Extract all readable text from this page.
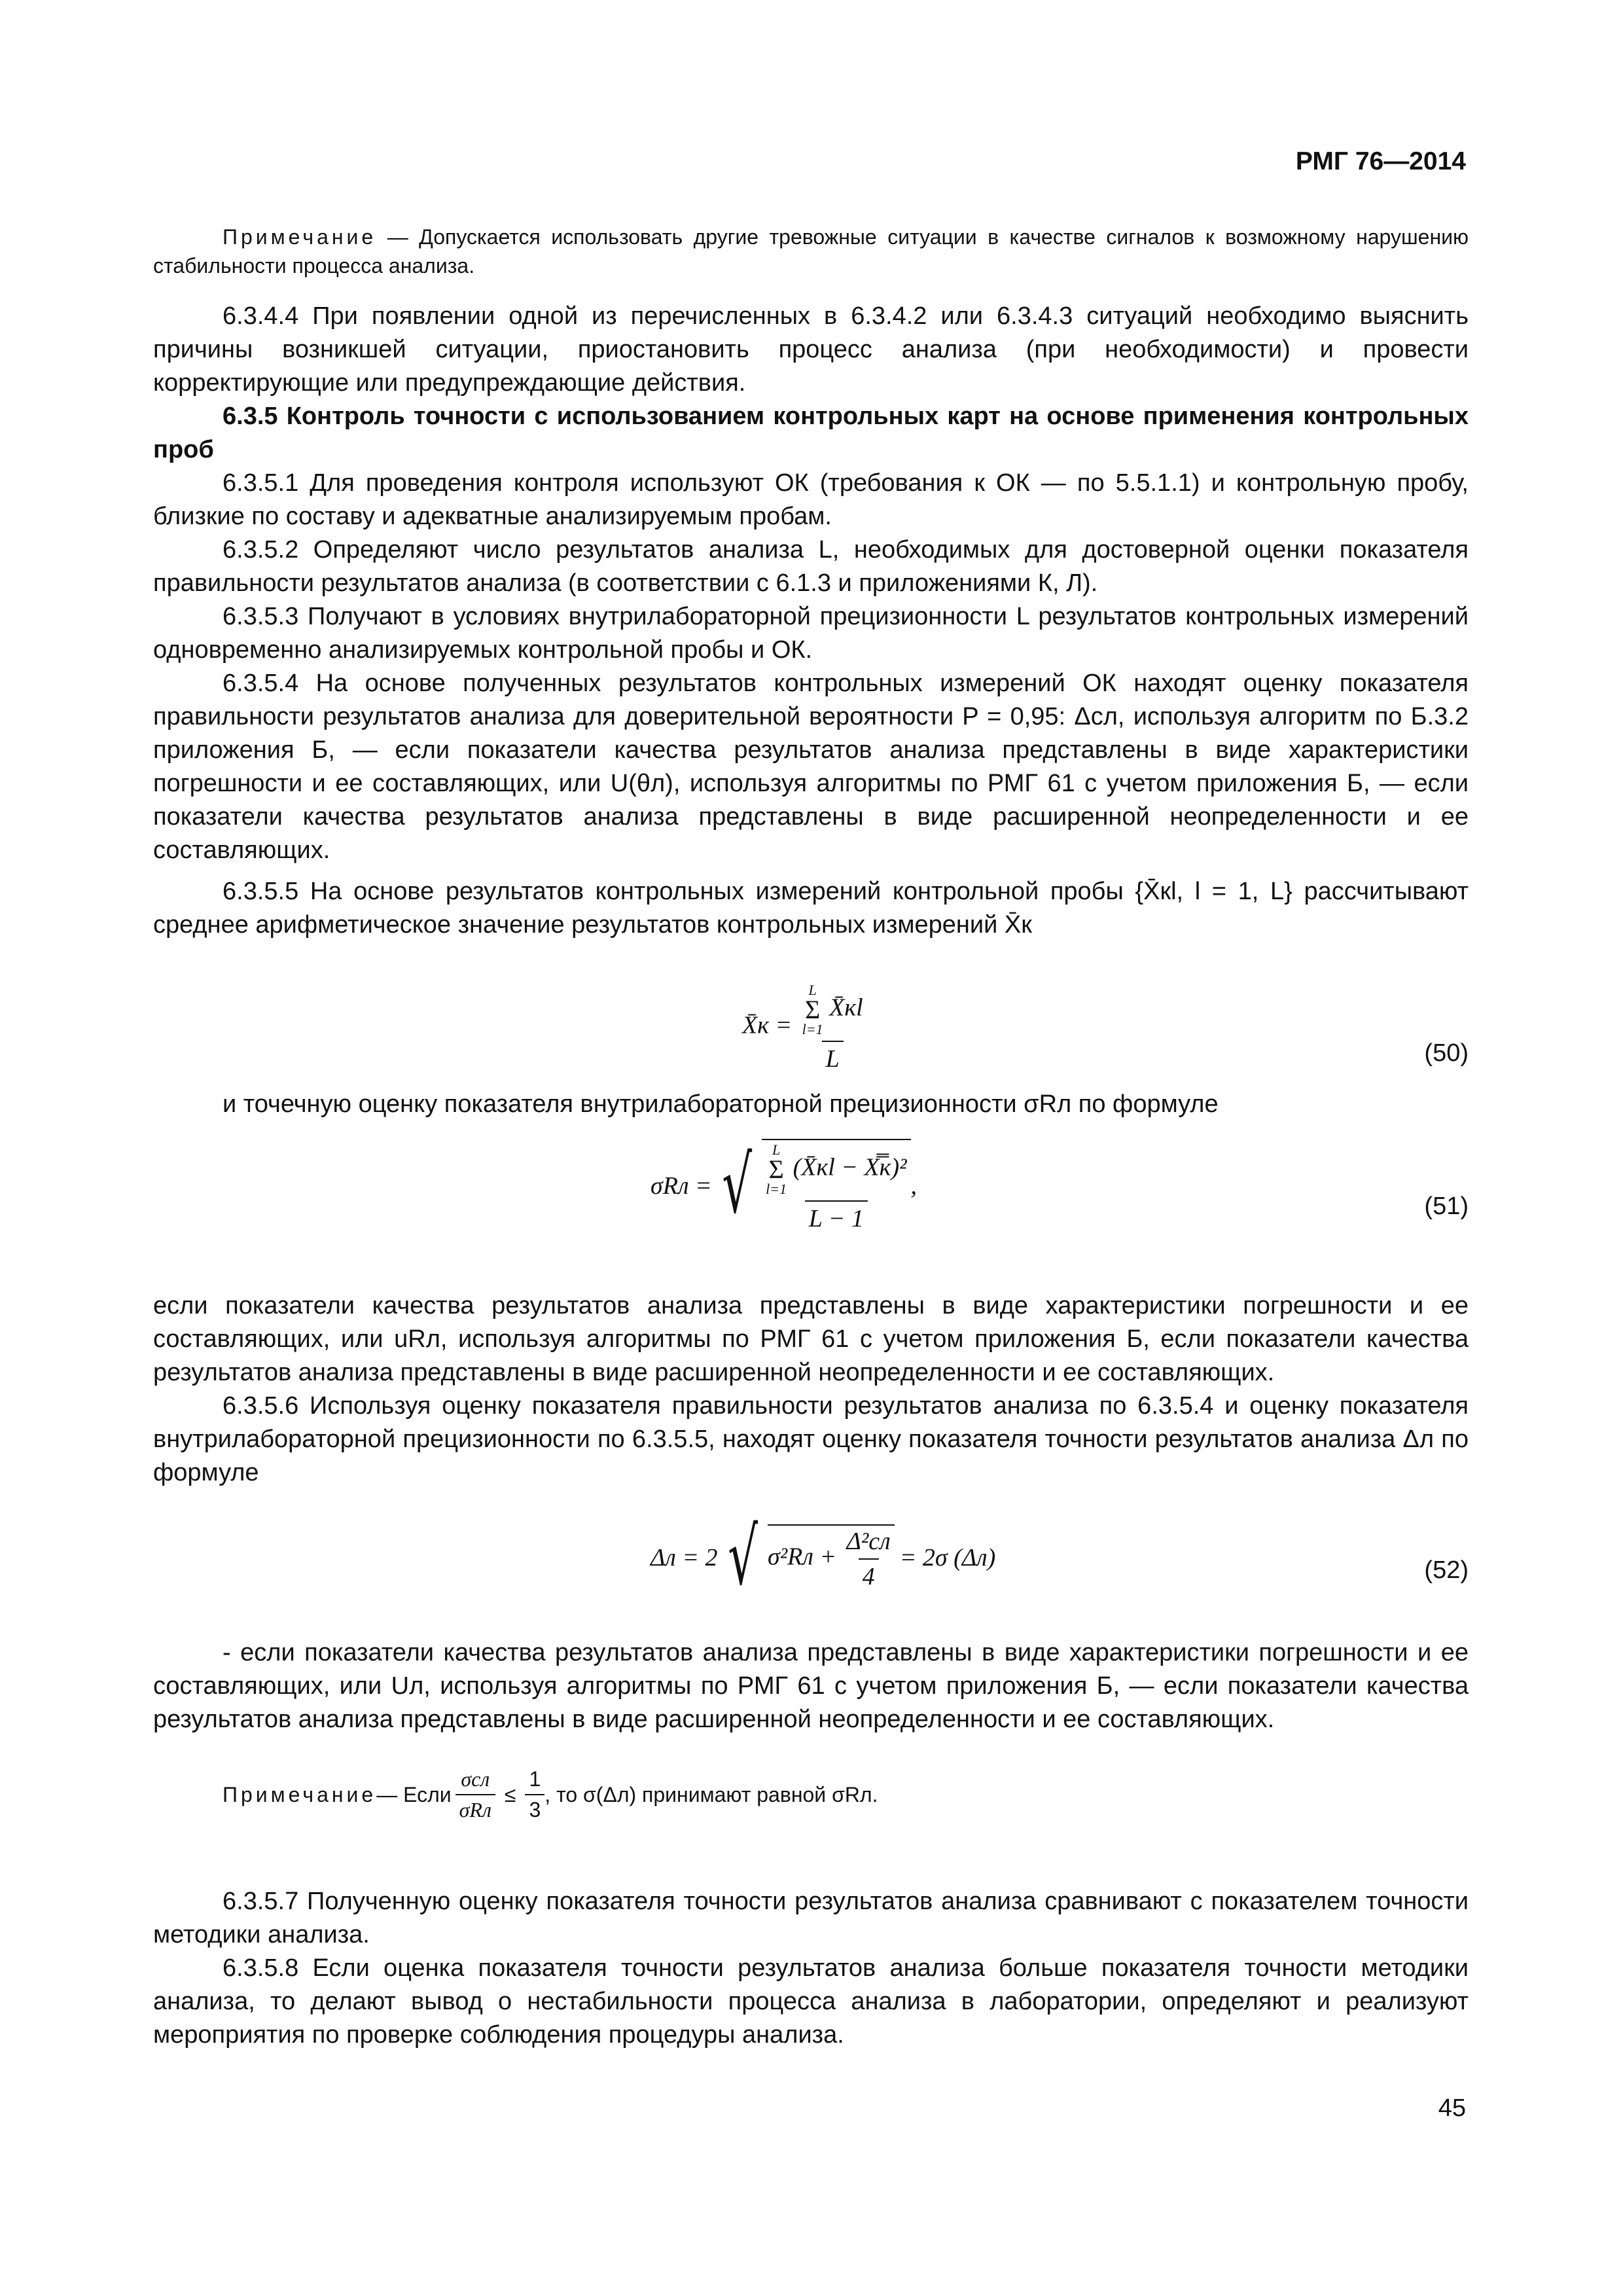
РМГ 76—2014

Примечание — Допускается использовать другие тревожные ситуации в качестве сигналов к возможному нарушению стабильности процесса анализа.

6.3.4.4 При появлении одной из перечисленных в 6.3.4.2 или 6.3.4.3 ситуаций необходимо выяснить причины возникшей ситуации, приостановить процесс анализа (при необходимости) и провести корректирующие или предупреждающие действия.

6.3.5 Контроль точности с использованием контрольных карт на основе применения контрольных проб

6.3.5.1 Для проведения контроля используют ОК (требования к ОК — по 5.5.1.1) и контрольную пробу, близкие по составу и адекватные анализируемым пробам.

6.3.5.2 Определяют число результатов анализа L, необходимых для достоверной оценки показателя правильности результатов анализа (в соответствии с 6.1.3 и приложениями К, Л).

6.3.5.3 Получают в условиях внутрилабораторной прецизионности L результатов контрольных измерений одновременно анализируемых контрольной пробы и ОК.

6.3.5.4 На основе полученных результатов контрольных измерений ОК находят оценку показателя правильности результатов анализа для доверительной вероятности P = 0,95: Δсл, используя алгоритм по Б.3.2 приложения Б, — если показатели качества результатов анализа представлены в виде характеристики погрешности и ее составляющих, или U(θл), используя алгоритмы по РМГ 61 с учетом приложения Б, — если показатели качества результатов анализа представлены в виде расширенной неопределенности и ее составляющих.

6.3.5.5 На основе результатов контрольных измерений контрольной пробы {X̄кl, l = 1, L} рассчитывают среднее арифметическое значение результатов контрольных измерений X̄к

X̄к = L
Σ
l=1
X̄кl
L	(50)

и точечную оценку показателя внутрилабораторной прецизионности σRл по формуле

σRл = √ L
Σ
l=1
(X̄кl − X̿к)²
L − 1
,
(51)

если показатели качества результатов анализа представлены в виде характеристики погрешности и ее составляющих, или uRл, используя алгоритмы по РМГ 61 с учетом приложения Б, если показатели качества результатов анализа представлены в виде расширенной неопределенности и ее составляющих.

6.3.5.6 Используя оценку показателя правильности результатов анализа по 6.3.5.4 и оценку показателя внутрилабораторной прецизионности по 6.3.5.5, находят оценку показателя точности результатов анализа Δл по формуле

Δл = 2 √ $\sigma^2Rл + \frac{\text{Δ²сл}}{4} = 2\sigma$ (Δл)	(52)

- если показатели качества результатов анализа представлены в виде характеристики погрешности и ее составляющих, или Uл, используя алгоритмы по РМГ 61 с учетом приложения Б, — если показатели качества результатов анализа представлены в виде расширенной неопределенности и ее составляющих.

Примечание — Если $\frac{\text{σсл}}{\text{σRл}} \le \frac{1}{3}$ , то σ(Δл) принимают равной σRл.

6.3.5.7 Полученную оценку показателя точности результатов анализа сравнивают с показателем точности методики анализа.

6.3.5.8 Если оценка показателя точности результатов анализа больше показателя точности методики анализа, то делают вывод о нестабильности процесса анализа в лаборатории, определяют и реализуют мероприятия по проверке соблюдения процедуры анализа.

45
